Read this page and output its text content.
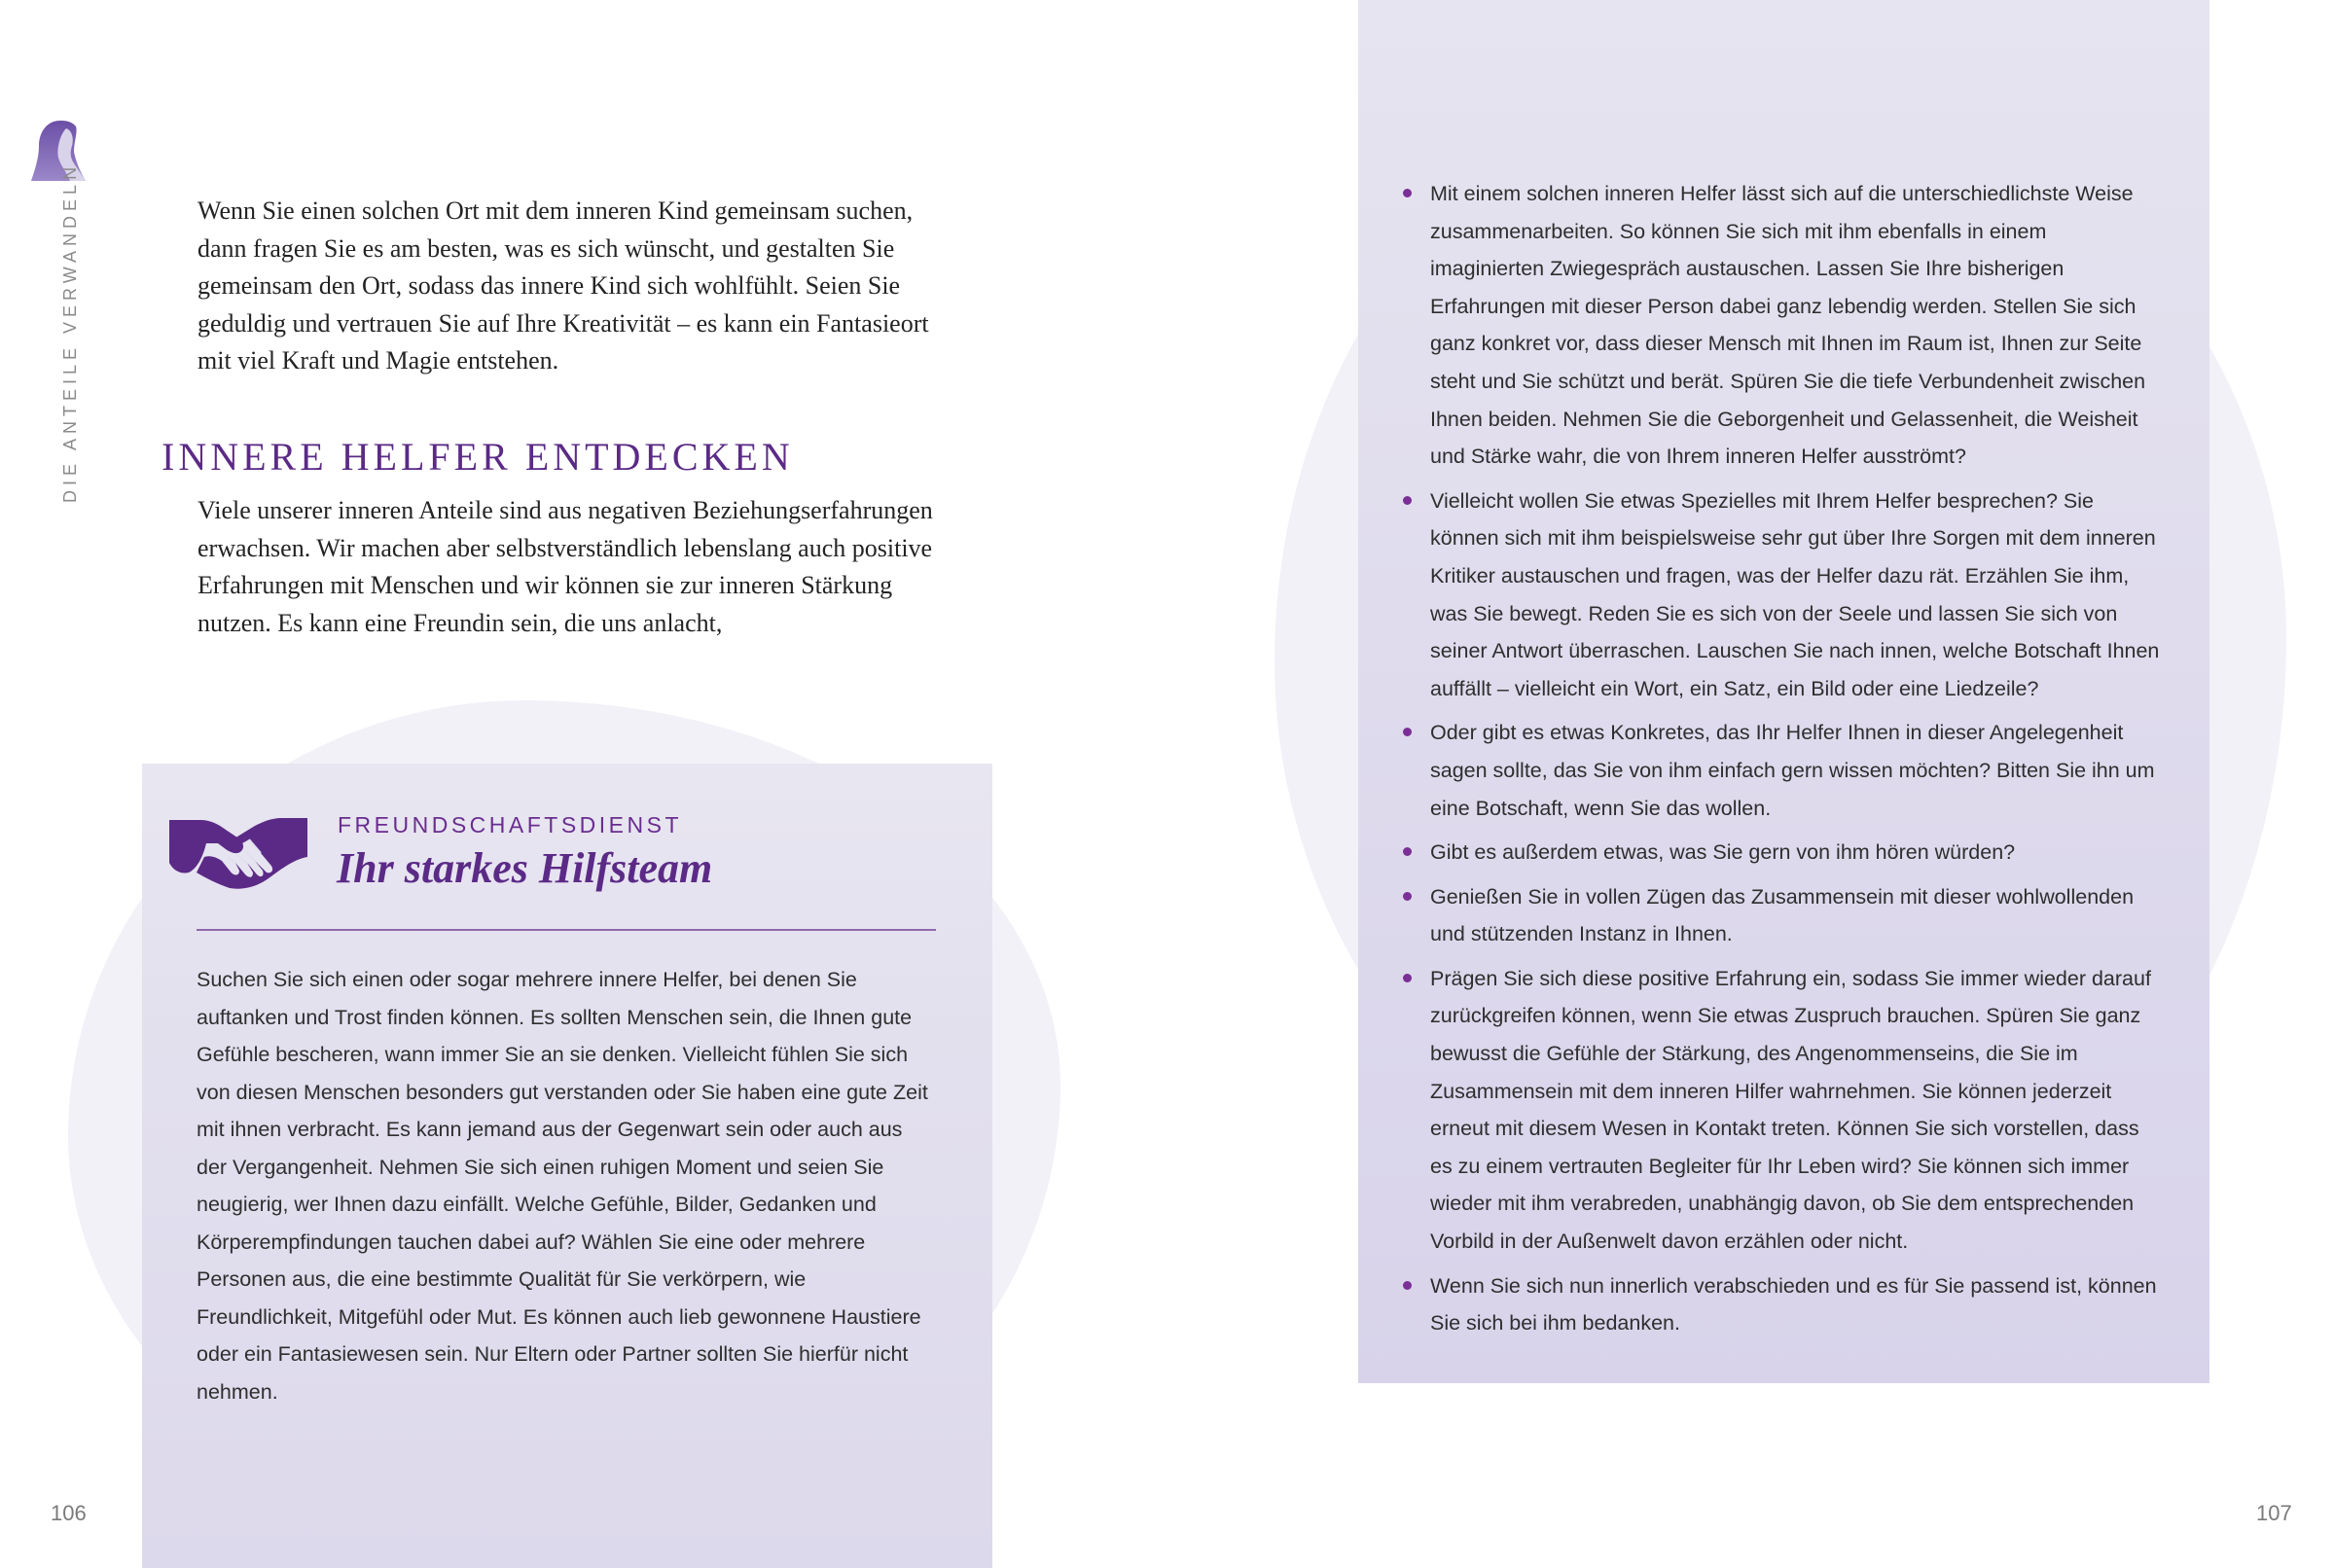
DIE ANTEILE VERWANDELN	Wenn Sie einen solchen Ort mit dem inneren Kind gemeinsam suchen, dann fragen Sie es am besten, was es sich wünscht, und gestalten Sie gemeinsam den Ort, sodass das innere Kind sich wohlfühlt. Seien Sie geduldig und vertrauen Sie auf Ihre Kreativität – es kann ein Fantasieort mit viel Kraft und Magie entstehen.

INNERE HELFER ENTDECKEN

Viele unserer inneren Anteile sind aus negativen Beziehungserfahrungen erwachsen. Wir machen aber selbstverständlich lebenslang auch positive Erfahrungen mit Menschen und wir können sie zur inneren Stärkung nutzen. Es kann eine Freundin sein, die uns anlacht,

FREUNDSCHAFTSDIENST
Ihr starkes Hilfsteam

Suchen Sie sich einen oder sogar mehrere innere Helfer, bei denen Sie auftanken und Trost finden können. Es sollten Menschen sein, die Ihnen gute Gefühle bescheren, wann immer Sie an sie denken. Vielleicht fühlen Sie sich von diesen Menschen besonders gut verstanden oder Sie haben eine gute Zeit mit ihnen verbracht. Es kann jemand aus der Gegenwart sein oder auch aus der Vergangenheit. Nehmen Sie sich einen ruhigen Moment und seien Sie neugierig, wer Ihnen dazu einfällt. Welche Gefühle, Bilder, Gedanken und Körperempfindungen tauchen dabei auf? Wählen Sie eine oder mehrere Personen aus, die eine bestimmte Qualität für Sie verkörpern, wie Freundlichkeit, Mitgefühl oder Mut. Es können auch lieb gewonnene Haustiere oder ein Fantasiewesen sein. Nur Eltern oder Partner sollten Sie hierfür nicht nehmen.

106
Mit einem solchen inneren Helfer lässt sich auf die unterschiedlichste Weise zusammenarbeiten. So können Sie sich mit ihm ebenfalls in einem imaginierten Zwiegespräch austauschen. Lassen Sie Ihre bisherigen Erfahrungen mit dieser Person dabei ganz lebendig werden. Stellen Sie sich ganz konkret vor, dass dieser Mensch mit Ihnen im Raum ist, Ihnen zur Seite steht und Sie schützt und berät. Spüren Sie die tiefe Verbundenheit zwischen Ihnen beiden. Nehmen Sie die Geborgenheit und Gelassenheit, die Weisheit und Stärke wahr, die von Ihrem inneren Helfer ausströmt?
Vielleicht wollen Sie etwas Spezielles mit Ihrem Helfer besprechen? Sie können sich mit ihm beispielsweise sehr gut über Ihre Sorgen mit dem inneren Kritiker austauschen und fragen, was der Helfer dazu rät. Erzählen Sie ihm, was Sie bewegt. Reden Sie es sich von der Seele und lassen Sie sich von seiner Antwort überraschen. Lauschen Sie nach innen, welche Botschaft Ihnen auffällt – vielleicht ein Wort, ein Satz, ein Bild oder eine Liedzeile?
Oder gibt es etwas Konkretes, das Ihr Helfer Ihnen in dieser Angelegenheit sagen sollte, das Sie von ihm einfach gern wissen möchten? Bitten Sie ihn um eine Botschaft, wenn Sie das wollen.
Gibt es außerdem etwas, was Sie gern von ihm hören würden?
Genießen Sie in vollen Zügen das Zusammensein mit dieser wohlwollenden und stützenden Instanz in Ihnen.
Prägen Sie sich diese positive Erfahrung ein, sodass Sie immer wieder darauf zurückgreifen können, wenn Sie etwas Zuspruch brauchen. Spüren Sie ganz bewusst die Gefühle der Stärkung, des Angenommenseins, die Sie im Zusammensein mit dem inneren Hilfer wahrnehmen. Sie können jederzeit erneut mit diesem Wesen in Kontakt treten. Können Sie sich vorstellen, dass es zu einem vertrauten Begleiter für Ihr Leben wird? Sie können sich immer wieder mit ihm verabreden, unabhängig davon, ob Sie dem entsprechenden Vorbild in der Außenwelt davon erzählen oder nicht.
Wenn Sie sich nun innerlich verabschieden und es für Sie passend ist, können Sie sich bei ihm bedanken.
107
